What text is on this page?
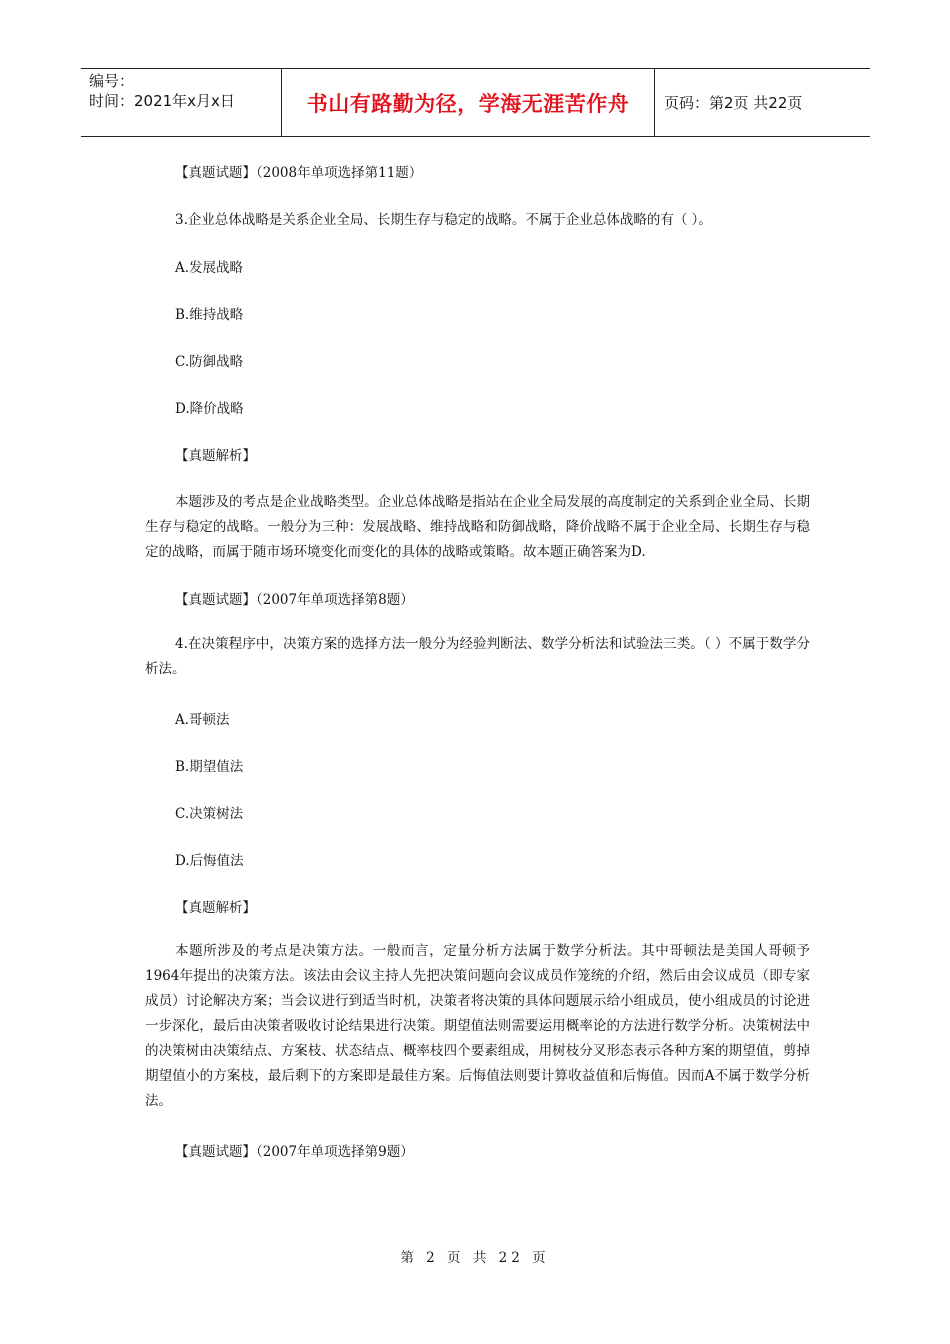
编号：
时间：2021年x月x日	书山有路勤为径，学海无涯苦作舟	页码：第2页 共22页
【真题试题】（2008年单项选择第11题）
3.企业总体战略是关系企业全局、长期生存与稳定的战略。不属于企业总体战略的有（ ）。
A.发展战略
B.维持战略
C.防御战略
D.降价战略
【真题解析】
本题涉及的考点是企业战略类型。企业总体战略是指站在企业全局发展的高度制定的关系到企业全局、长期生存与稳定的战略。一般分为三种：发展战略、维持战略和防御战略，降价战略不属于企业全局、长期生存与稳定的战略，而属于随市场环境变化而变化的具体的战略或策略。故本题正确答案为D.
【真题试题】（2007年单项选择第8题）
4.在决策程序中，决策方案的选择方法一般分为经验判断法、数学分析法和试验法三类。（ ）不属于数学分析法。
A.哥顿法
B.期望值法
C.决策树法
D.后悔值法
【真题解析】
本题所涉及的考点是决策方法。一般而言，定量分析方法属于数学分析法。其中哥顿法是美国人哥顿予1964年提出的决策方法。该法由会议主持人先把决策问题向会议成员作笼统的介绍，然后由会议成员（即专家成员）讨论解决方案；当会议进行到适当时机，决策者将决策的具体问题展示给小组成员，使小组成员的讨论进一步深化，最后由决策者吸收讨论结果进行决策。期望值法则需要运用概率论的方法进行数学分析。决策树法中的决策树由决策结点、方案枝、状态结点、概率枝四个要素组成，用树枝分叉形态表示各种方案的期望值，剪掉期望值小的方案枝，最后剩下的方案即是最佳方案。后悔值法则要计算收益值和后悔值。因而A不属于数学分析法。
【真题试题】（2007年单项选择第9题）
第 2 页 共 22 页
